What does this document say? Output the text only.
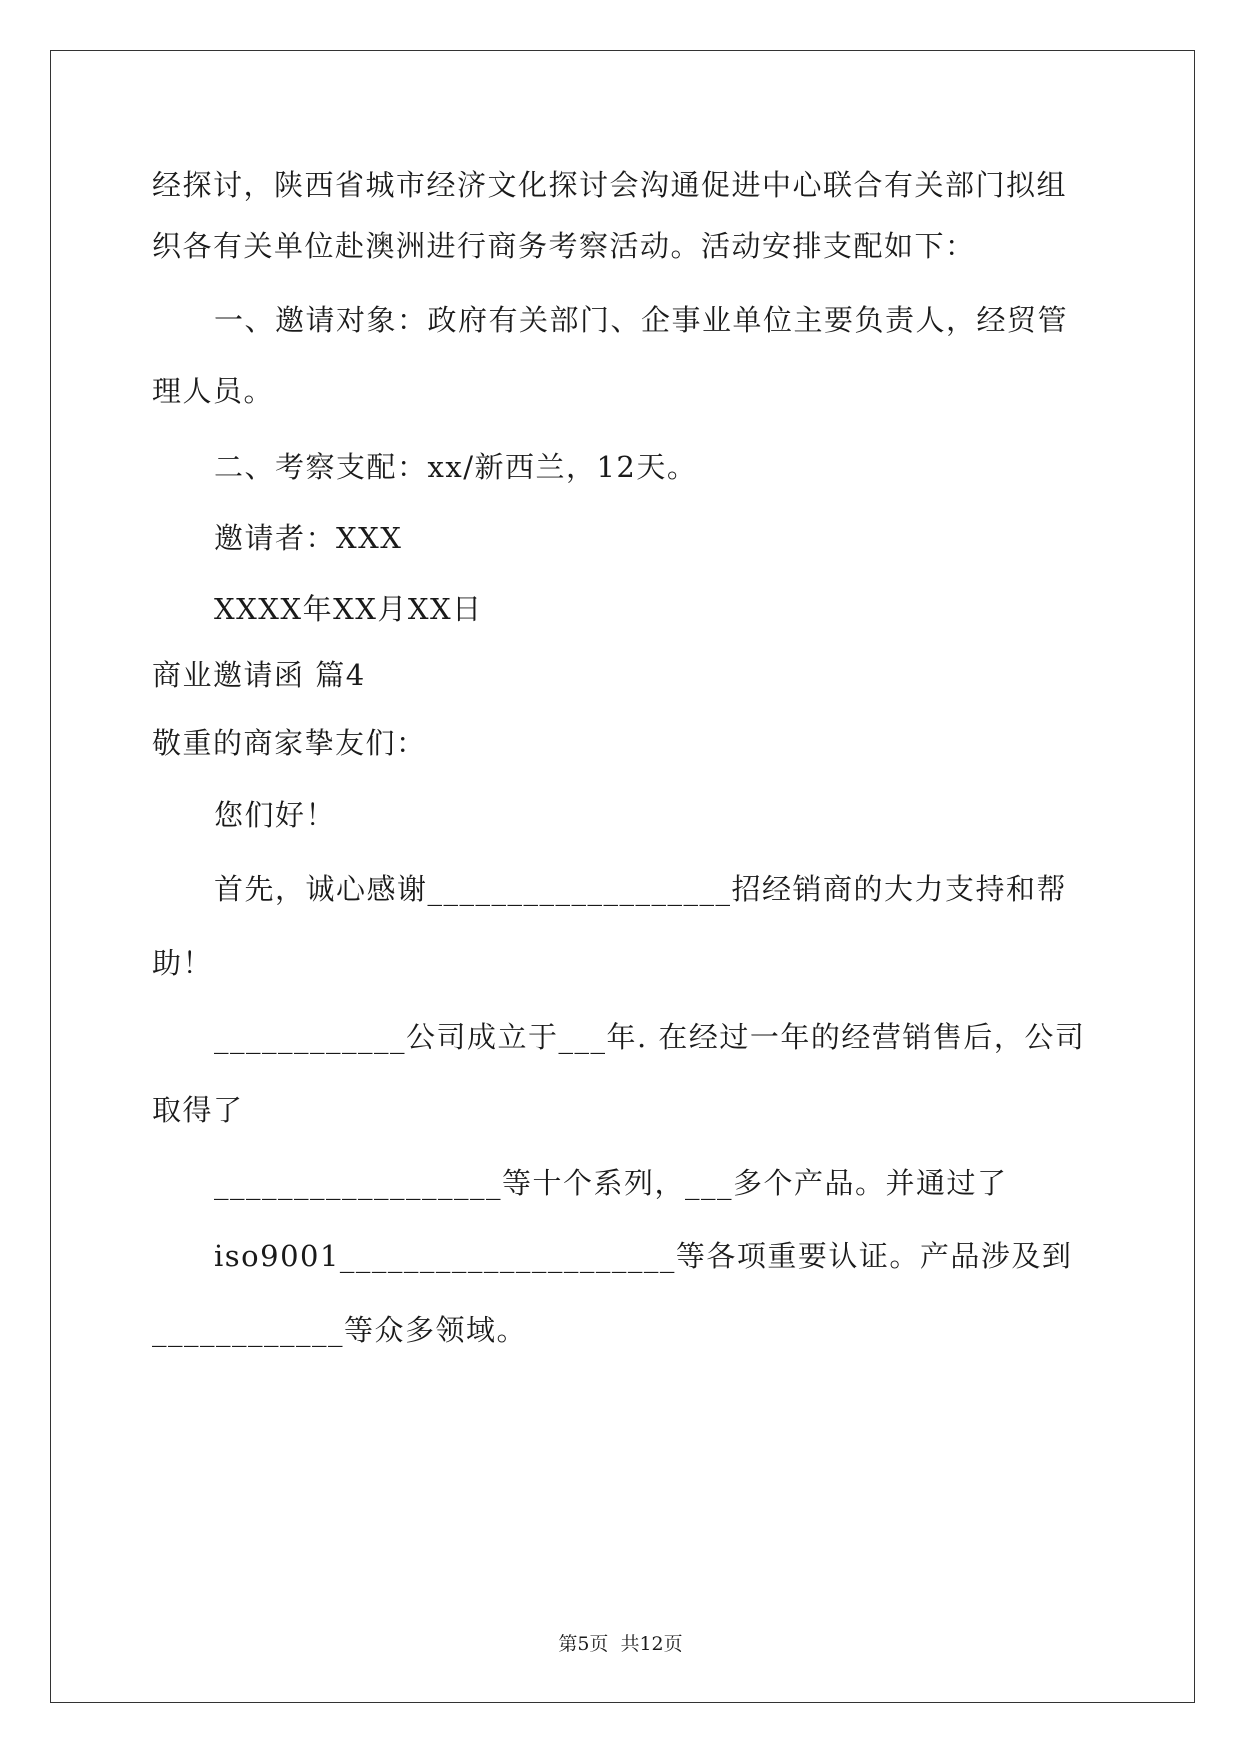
经探讨，陕西省城市经济文化探讨会沟通促进中心联合有关部门拟组
织各有关单位赴澳洲进行商务考察活动。活动安排支配如下：
一、邀请对象：政府有关部门、企事业单位主要负责人，经贸管
理人员。
二、考察支配：xx/新西兰，12天。
邀请者：XXX
XXXX年XX月XX日
商业邀请函 篇4
敬重的商家挚友们：
您们好！
首先，诚心感谢___________________招经销商的大力支持和帮
助！
____________公司成立于___年. 在经过一年的经营销售后，公司
取得了
__________________等十个系列，___多个产品。并通过了
iso9001_____________________等各项重要认证。产品涉及到
____________等众多领域。
第5页 共12页
